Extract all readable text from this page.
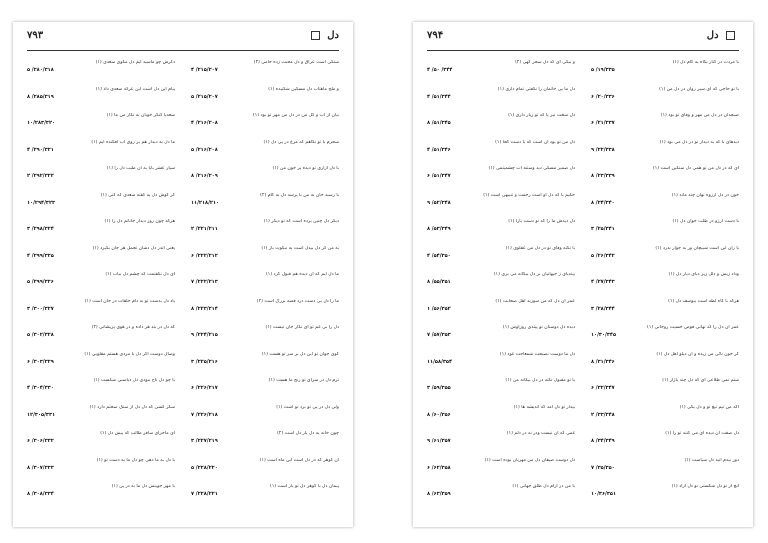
دل
۷۹۳
سنگی است عراق و دل محبت زده حامی (۲)
۴ /۲۱۵/۲۰۷
و ملح ماهتاب دل مسکین شکنیده (۱)
۵ /۲۱۵/۲۰۷
بیان از آب و گل من در دل من مهر تو بود (۱)
۴ /۲۱۶/۲۰۸
سحرم با تو نگاهم که مرغ در پی دل (۱)
۵ /۲۱۶/۲۰۸
با دل آزاری تو دیده پر خون من (۱)
۸ /۲۱۶/۲۰۹
با رسید جان به من با برسد دل به کام (۲)
۱۱/۲۱۸/۲۱۰
دیگر دل چنین برده است که تو دیگر (۱)
۲ /۲۲۱/۲۱۱
به من گر دل بیدل است به نیکوت بار (۱)
۶ /۲۲۲/۲۱۲
ما دل ایم که آن دیده هم قبول کرد (۱)
۷ /۲۲۲/۲۱۳
ما را دل بی دست درد قصه بزرگ است (۲)
۸ /۲۲۳/۲۱۴
دل را بی غم تو ای نگار جان نیست (۱)
۹ /۲۲۴/۲۱۵
گوی جوان تو این دل بر سر تو هست (۱)
۳ /۲۲۵/۲۱۶
نرم دل در سرای تو رنج ما هست (۱)
۶ /۲۲۶/۲۱۷
ولی دل در پی تو برد تو است (۱)
۷ /۲۲۶/۲۱۸
چون خانه به دل یار دل است (۲)
۳ /۲۲۷/۲۱۹
آن گوهر که در دل است این ماه است (۱)
۵ /۲۲۸/۲۲۰
پیمان دل با گوهر دل تو یار است (۱)
۷ /۲۲۸/۲۲۱
دگرش چو ماسید ایم دل مگوی سعدی (۱)
۵ /۲۸۰/۳۱۸
پیام این دل است این عرکه سعدی داد (۱)
۸ /۲۸۵/۳۱۹
سعدیا کنگر خوبان به نگار من ما (۱)
۱۰/۲۸۳/۳۲۰
ما دل به دیدار هم بر روی آب افکنده ایم (۱)
۴ /۲۹۰/۳۲۱
سیار عشر بایا به آن طیب دل را (۱)
۲ /۲۹۲/۳۲۲
گر گوش دل به گفته سعدی که کنی (۱)
۱۰/۲۹۴/۳۲۳
هرکه چون روز دیدار جانانم دل را (۱)
۳ /۲۹۸/۳۲۴
یعنی اندر دل دشان تحمل هر جان بگیرد (۱)
۴ /۲۹۹/۳۲۵
ای دل نگفتمت که چشم دل بیاب (۱)
۵ /۲۹۹/۳۲۶
یاد دل بدست تو به دام حلقات در جان است (۱)
۳ /۳۰۰/۳۲۷
که دل در بند هر داده و در هوی پریشانی (۲)
۵ /۳۰۲/۳۲۸
وصال دوست اگر دل با مردی هستم مقلوبی (۱)
۶ /۳۰۳/۳۲۹
با چو دل ناح بنودی دل دیاسبی شکست (۱)
۴ /۳۰۴/۳۳۰
سگر کسی که دل دل از سنگ سختم دارد (۱)
۱۲/۳۰۵/۳۳۱
ای ماجرای سافر طالب که پیش دل (۱)
۶ /۳۰۶/۳۳۲
با دل به ما دهی چو دل ما به دست تو (۱)
۸ /۳۰۷/۳۳۳
با مهر جوینش دل ما به در پن (۱)
۸ /۳۰۸/۳۳۴
دل
۷۹۴
با مردت در کنار نگاه به کام دل (۱)
۵ /۱۹/۳۳۵
با تو حاجی که ای سیر روان در دل من (۱)
۶ /۲۰/۳۳۶
صبجدان در دل من مهر و وفای تو بود (۱)
۶ /۲۱/۳۳۷
دیدهای با که به دیدار تو در دل می بود (۱)
۹ /۲۲/۳۳۸
ای که در دل من تو همی دل سنگین است (۱)
۸ /۲۳/۳۳۹
خون در دل آرزوه نهان چند ماند (۱)
۸ /۲۴/۳۴۰
با دست آرزو در طلب خوان دل (۱)
۳ /۲۵/۳۴۱
با ران این است شبیچان ور به جوار ندرد (۱)
۵ /۲۶/۳۴۲
وداد زیش و دلل زیر دیای دیار دل (۱)
۴ /۲۷/۳۴۳
هرکه با گاه لطه است بیوسف دل (۱)
۳ /۲۸/۳۴۴
عمر آن دل را که نهانی فوص حسیت روحانی (۱)
۱۰/۳۰/۳۴۵
گر خون نائی من زیده و آن دیلو اهل دل (۱)
۸ /۳۱/۳۴۶
ستم نمی طلاعی ای که دل چند بازار (۱)
۶ /۳۲/۳۴۷
اگه من نیم تیغ تو و دل یکی (۱)
۲ /۳۳/۳۴۸
دل صفت آن دیده ای می کنند تو را (۱)
۸ /۳۴/۳۴۹
دور بیدم آنید دل سیاست (۱)
۷ /۳۵/۳۵۰
آنچ از تو دل شکستی نو دل ازاد (۱)
۱۰/۳۶/۳۵۱
و بیکی ای که دل سحر کهی (۲)
۴ /۵۰ /۳۴۴
دل ما پی خاتمان را نگفتی تمام داری (۱)
۴ /۵۱/۳۴۴
دل سخت نیز یا که تو زیار داری (۱)
۸ /۵۱/۳۴۵
دل من تو بود آن است که با دست کجا (۱)
۴ /۵۱/۳۴۶
دل صمیر مسکی دید وستنه آب چشمینمی (۱)
۶ /۵۱/۳۴۷
حکیم با که دل او است رحمت و تنبیهی است (۱)
۹ /۵۲/۳۴۸
دل دیدش ما را که تو دست یارا (۱)
۸ /۵۳/۳۴۹
با نکته وفای تو در دل من عقلوی (۱)
۴ /۵۴/۳۵۰
بیندیای ز جیهانیان بر دل بیگانه می بری (۱)
۸ /۵۵/۳۵۱
عمر آن دل که من سوزند اهل صحابت (۱)
۱ /۵۶/۳۵۲
دیده دل دوستان تو پیندی روزاوس (۱)
۷ /۵۷/۳۵۳
دل ما دوست نصیحت شمعاحت غود (۱)
۱۱/۵۸/۳۵۴
با تو مقبول نکته در دل بیگانه من (۱)
۳ /۵۹/۳۵۵
بیدار تو دل آمد که اندیشه ها (۱)
۸ /۶۰/۳۵۶
غمی که ان نیست ودر نه در دلم (۱)
۹ /۶۱/۳۵۷
دل دوست صیفان دل من مهربان بوده است (۱)
۶ /۶۲/۳۵۸
با من در آرام دل طلق جهانی (۱)
۸ /۶۳/۳۵۹
